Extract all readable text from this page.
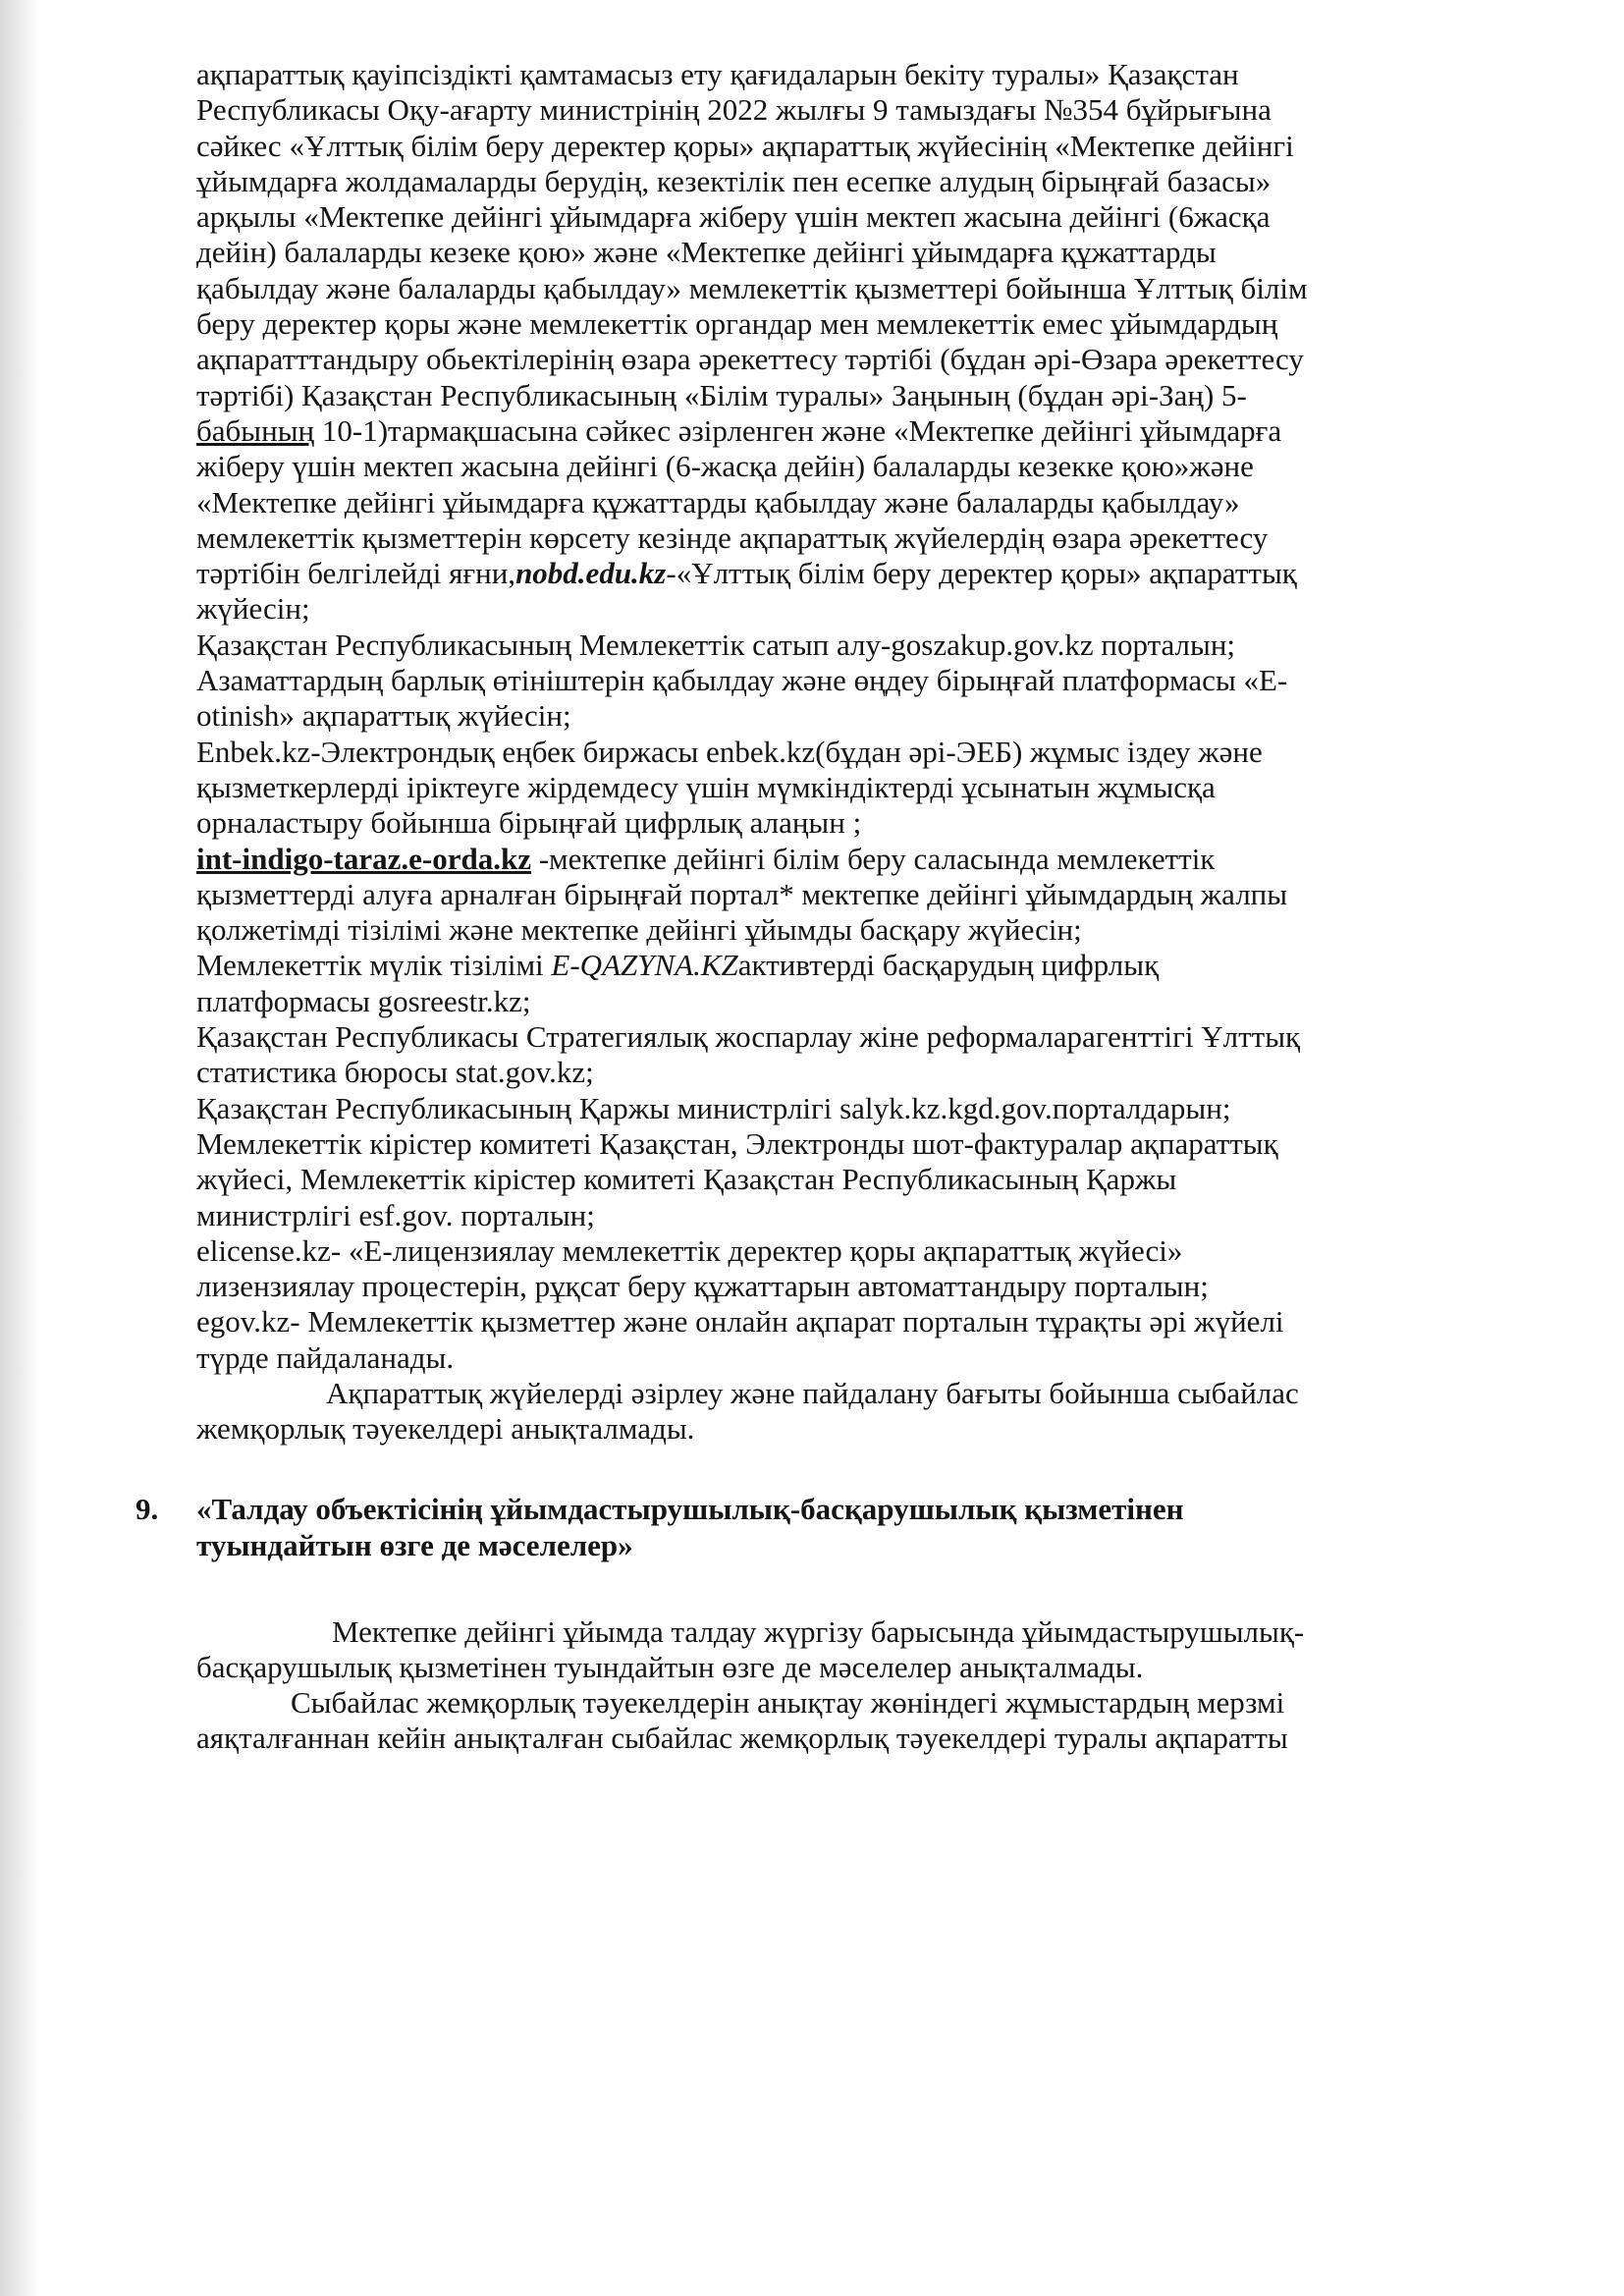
ақпараттық қауіпсіздікті қамтамасыз ету қағидаларын бекіту туралы» Қазақстан
Республикасы Оқу-ағарту министрінің 2022 жылғы 9 тамыздағы №354 бұйрығына
сәйкес «Ұлттық білім беру деректер қоры» ақпараттық жүйесінің «Мектепке дейінгі
ұйымдарға жолдамаларды берудің, кезектілік пен есепке алудың бірыңғай базасы»
арқылы «Мектепке дейінгі ұйымдарға жіберу үшін мектеп жасына дейінгі (6жасқа
дейін) балаларды кезеке қою» және «Мектепке дейінгі ұйымдарға құжаттарды
қабылдау және балаларды қабылдау» мемлекеттік қызметтері бойынша Ұлттық білім
беру деректер қоры және мемлекеттік органдар мен мемлекеттік емес ұйымдардың
ақпаратттандыру обьектілерінің өзара әрекеттесу тәртібі (бұдан әрі-Өзара әрекеттесу
тәртібі) Қазақстан Республикасының «Білім туралы» Заңының (бұдан әрі-Заң) 5-
бабының 10-1)тармақшасына сәйкес әзірленген және «Мектепке дейінгі ұйымдарға
жіберу үшін мектеп жасына дейінгі (6-жасқа дейін) балаларды кезекке қою»және
«Мектепке дейінгі ұйымдарға құжаттарды қабылдау және балаларды қабылдау»
мемлекеттік қызметтерін көрсету кезінде ақпараттық жүйелердің өзара әрекеттесу
тәртібін белгілейді яғни,nobd.edu.kz-«Ұлттық білім беру деректер қоры» ақпараттық
жүйесін;
Қазақстан Республикасының Мемлекеттік сатып алу-goszakup.gov.kz порталын;
Азаматтардың барлық өтініштерін қабылдау және өңдеу бірыңғай платформасы «Е-
otinish» ақпараттық жүйесін;
Enbek.kz-Электрондық еңбек биржасы enbek.kz(бұдан әрі-ЭЕБ) жұмыс іздеу және
қызметкерлерді іріктеуге жірдемдесу үшін мүмкіндіктерді ұсынатын жұмысқа
орналастыру бойынша бірыңғай цифрлық алаңын ;
int-indigo-taraz.e-orda.kz -мектепке дейінгі білім беру саласында мемлекеттік
қызметтерді алуға арналған бірыңғай портал* мектепке дейінгі ұйымдардың жалпы
қолжетімді тізілімі және мектепке дейінгі ұйымды басқару жүйесін;
Мемлекеттік мүлік тізілімі E-QAZYNA.KZактивтерді басқарудың цифрлық
платформасы gosreestr.kz;
Қазақстан Республикасы Стратегиялық жоспарлау жіне реформаларагенттігі Ұлттық
статистика бюросы stat.gov.kz;
Қазақстан Республикасының Қаржы министрлігі salyk.kz.kgd.gov.порталдарын;
Мемлекеттік кірістер комитеті Қазақстан, Электронды шот-фактуралар ақпараттық
жүйесі, Мемлекеттік кірістер комитеті Қазақстан Республикасының Қаржы
министрлігі esf.gov. порталын;
elicense.kz- «Е-лицензиялау мемлекеттік деректер қоры ақпараттық жүйесі»
лизензиялау процестерін, рұқсат беру құжаттарын автоматтандыру порталын;
egov.kz- Мемлекеттік қызметтер және онлайн ақпарат порталын тұрақты әрі жүйелі
түрде пайдаланады.
Ақпараттық жүйелерді әзірлеу және пайдалану бағыты бойынша сыбайлас
жемқорлық тәуекелдері анықталмады.
9. «Талдау объектісінің ұйымдастырушылық-басқарушылық қызметінен
туындайтын өзге де мәселелер»
Мектепке дейінгі ұйымда талдау жүргізу барысында ұйымдастырушылық-
басқарушылық қызметінен туындайтын өзге де мәселелер анықталмады.
Сыбайлас жемқорлық тәуекелдерін анықтау жөніндегі жұмыстардың мерзмі
аяқталғаннан кейін анықталған сыбайлас жемқорлық тәуекелдері туралы ақпаратты
